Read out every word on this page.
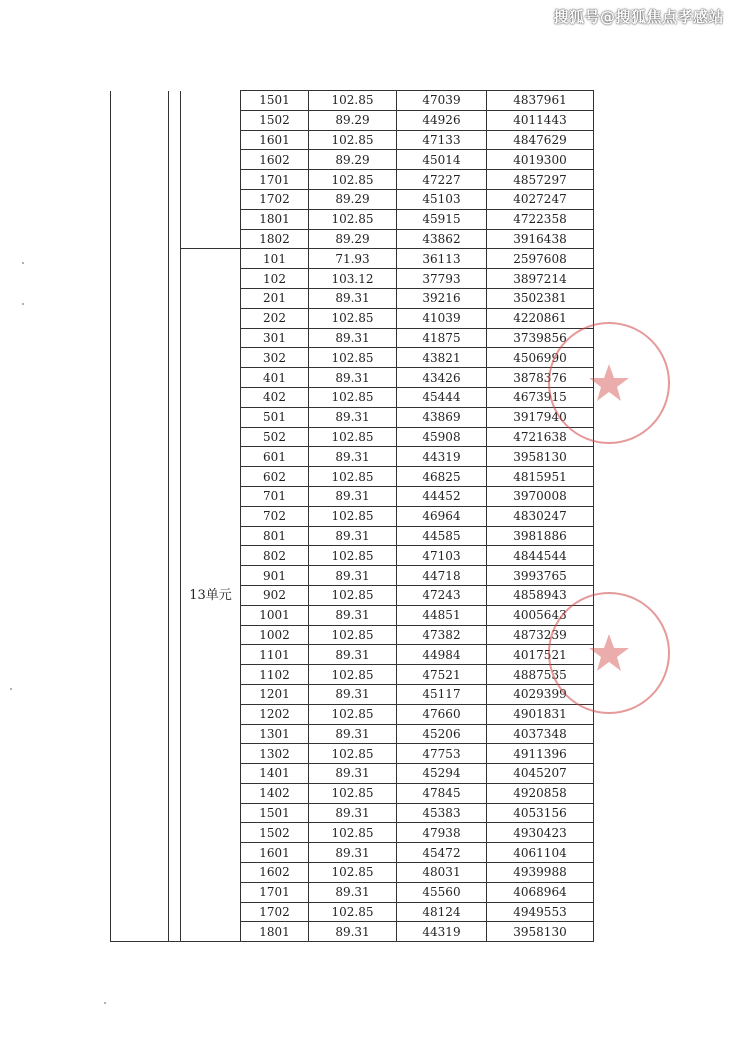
搜狐号@搜狐焦点孝感站
			1501	102.85	47039	4837961	
			1502	89.29	44926	4011443	
			1601	102.85	47133	4847629	
			1602	89.29	45014	4019300	
			1701	102.85	47227	4857297	
			1702	89.29	45103	4027247	
			1801	102.85	45915	4722358	
			1802	89.29	43862	3916438	
		13单元	101	71.93	36113	2597608	
			102	103.12	37793	3897214	
			201	89.31	39216	3502381	
			202	102.85	41039	4220861	
			301	89.31	41875	3739856	
			302	102.85	43821	4506990	
			401	89.31	43426	3878376	
			402	102.85	45444	4673915	
			501	89.31	43869	3917940	
			502	102.85	45908	4721638	
			601	89.31	44319	3958130	
			602	102.85	46825	4815951	
			701	89.31	44452	3970008	
			702	102.85	46964	4830247	
			801	89.31	44585	3981886	
			802	102.85	47103	4844544	
			901	89.31	44718	3993765	
			902	102.85	47243	4858943	
			1001	89.31	44851	4005643	
			1002	102.85	47382	4873239	
			1101	89.31	44984	4017521	
			1102	102.85	47521	4887535	
			1201	89.31	45117	4029399	
			1202	102.85	47660	4901831	
			1301	89.31	45206	4037348	
			1302	102.85	47753	4911396	
			1401	89.31	45294	4045207	
			1402	102.85	47845	4920858	
			1501	89.31	45383	4053156	
			1502	102.85	47938	4930423	
			1601	89.31	45472	4061104	
			1602	102.85	48031	4939988	
			1701	89.31	45560	4068964	
			1702	102.85	48124	4949553	
			1801	89.31	44319	3958130	
